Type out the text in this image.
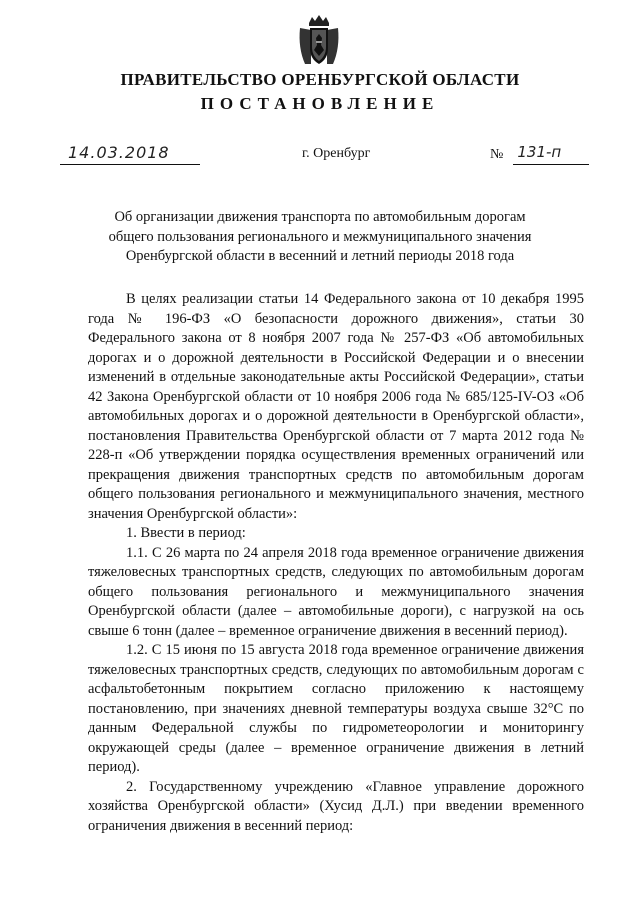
ПРАВИТЕЛЬСТВО ОРЕНБУРГСКОЙ ОБЛАСТИ
ПОСТАНОВЛЕНИЕ
14.03.2018	г. Оренбург	№ 131-п
Об организации движения транспорта по автомобильным дорогам общего пользования регионального и межмуниципального значения Оренбургской области в весенний и летний периоды 2018 года

В целях реализации статьи 14 Федерального закона от 10 декабря 1995 года № 196-ФЗ «О безопасности дорожного движения», статьи 30 Федерального закона от 8 ноября 2007 года № 257-ФЗ «Об автомобильных дорогах и о дорожной деятельности в Российской Федерации и о внесении изменений в отдельные законодательные акты Российской Федерации», статьи 42 Закона Оренбургской области от 10 ноября 2006 года № 685/125-IV-ОЗ «Об автомобильных дорогах и о дорожной деятельности в Оренбургской области», постановления Правительства Оренбургской области от 7 марта 2012 года № 228-п «Об утверждении порядка осуществления временных ограничений или прекращения движения транспортных средств по автомобильным дорогам общего пользования регионального и межмуниципального значения, местного значения Оренбургской области»:

1. Ввести в период:

1.1. С 26 марта по 24 апреля 2018 года временное ограничение движения тяжеловесных транспортных средств, следующих по автомобильным дорогам общего пользования регионального и межмуниципального значения Оренбургской области (далее – автомобильные дороги), с нагрузкой на ось свыше 6 тонн (далее – временное ограничение движения в весенний период).

1.2. С 15 июня по 15 августа 2018 года временное ограничение движения тяжеловесных транспортных средств, следующих по автомобильным дорогам с асфальтобетонным покрытием согласно приложению к настоящему постановлению, при значениях дневной температуры воздуха свыше 32°С по данным Федеральной службы по гидрометеорологии и мониторингу окружающей среды (далее – временное ограничение движения в летний период).

2. Государственному учреждению «Главное управление дорожного хозяйства Оренбургской области» (Хусид Д.Л.) при введении временного ограничения движения в весенний период:
